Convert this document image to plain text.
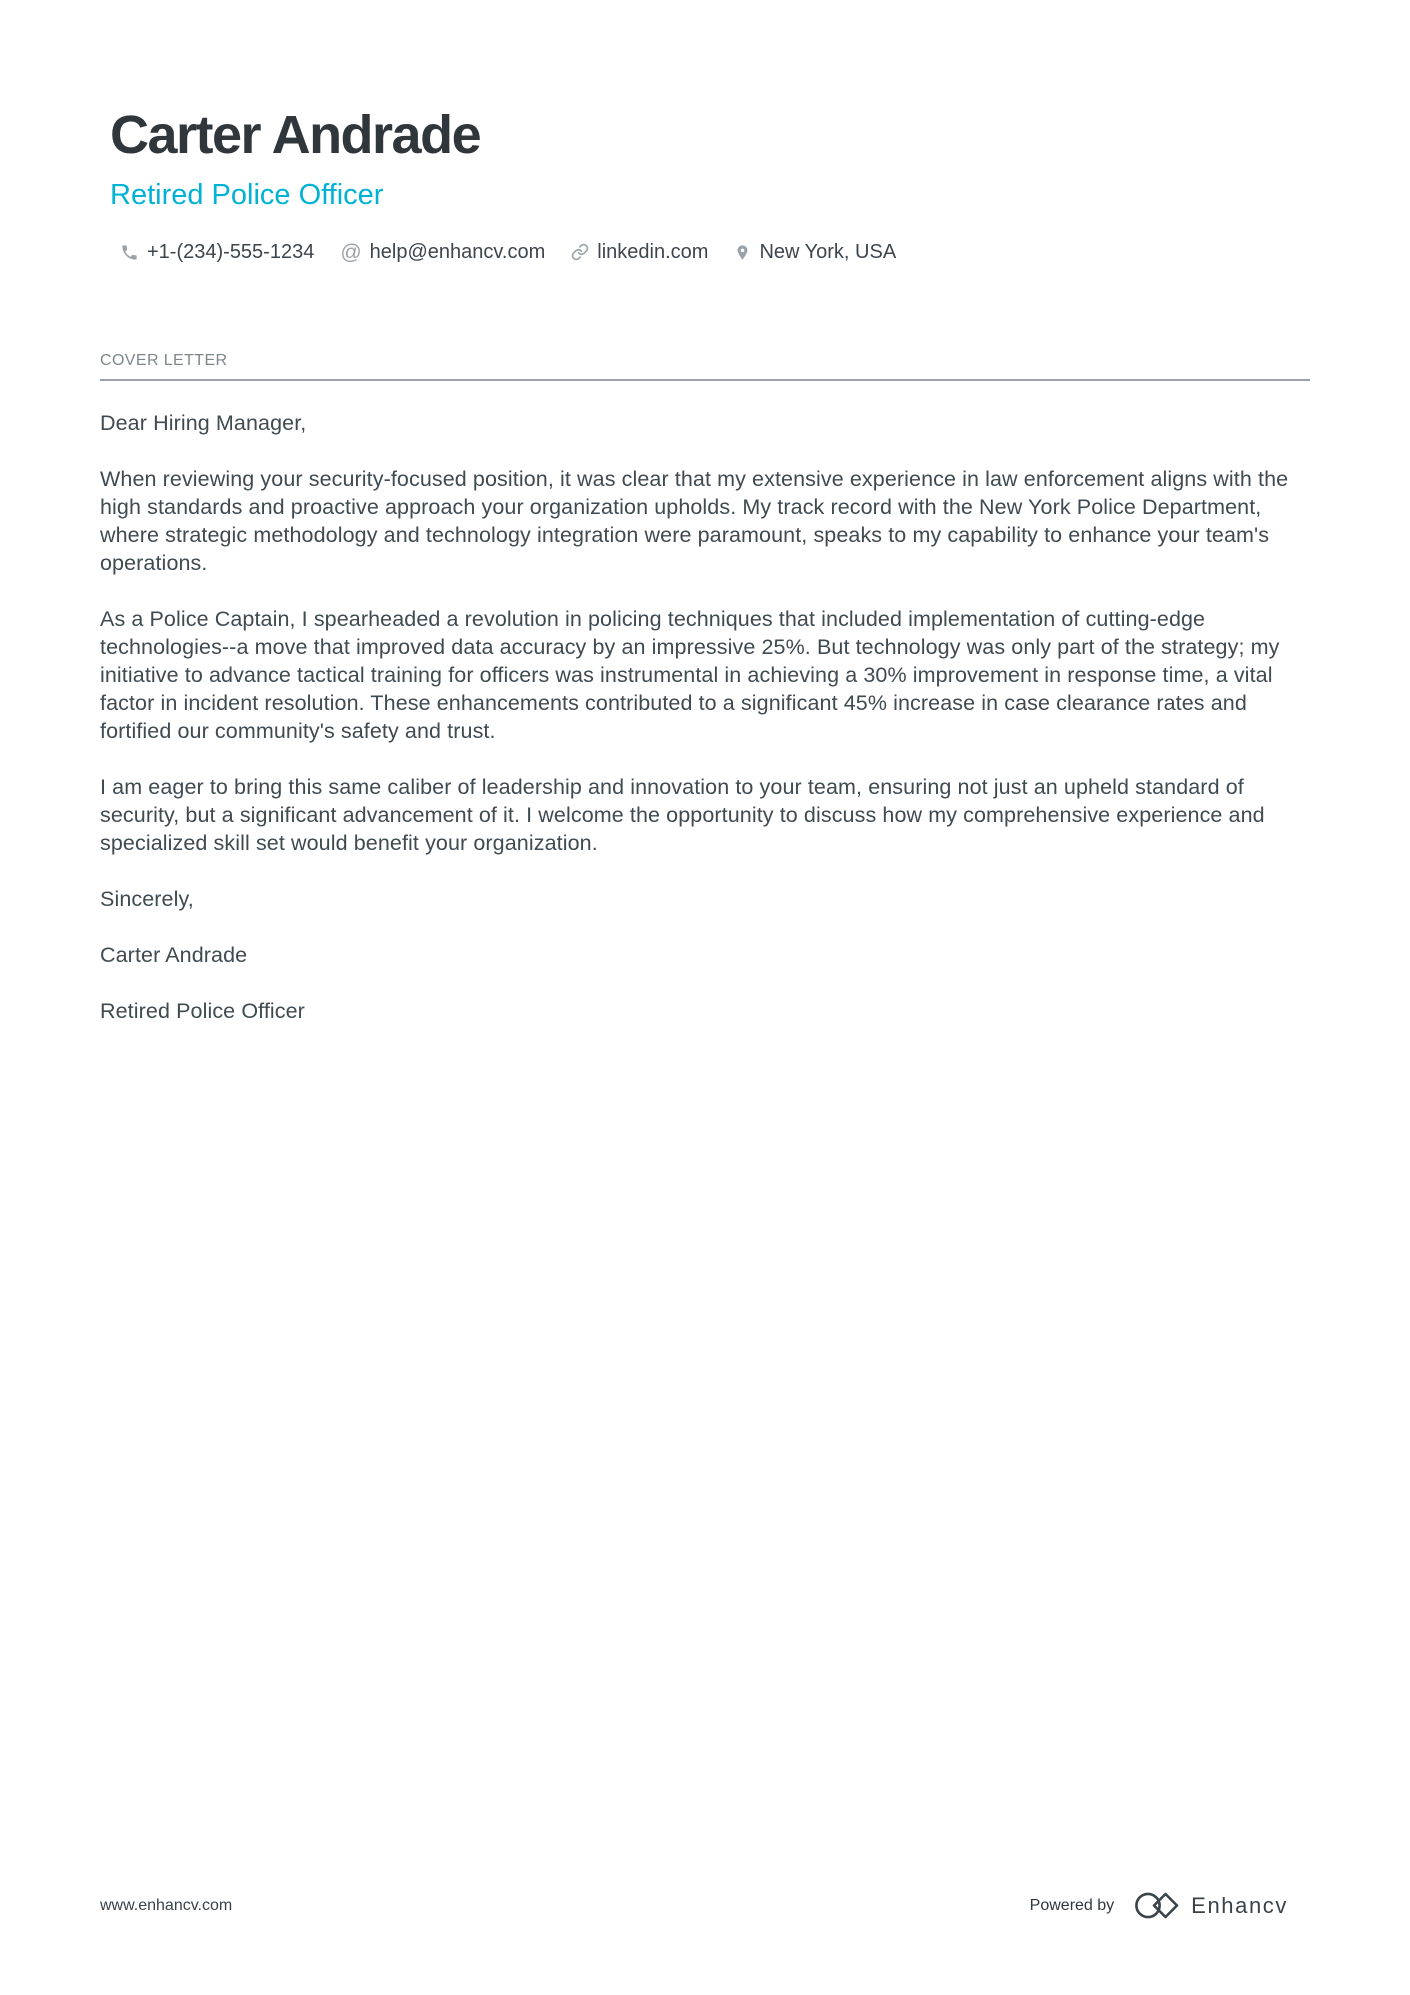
Carter Andrade
Retired Police Officer
+1-(234)-555-1234 @ help@enhancv.com	linkedin.com	New York, USA
COVER LETTER

Dear Hiring Manager,

When reviewing your security-focused position, it was clear that my extensive experience in law enforcement aligns with the high standards and proactive approach your organization upholds. My track record with the New York Police Department, where strategic methodology and technology integration were paramount, speaks to my capability to enhance your team's operations.

As a Police Captain, I spearheaded a revolution in policing techniques that included implementation of cutting-edge technologies--a move that improved data accuracy by an impressive 25%. But technology was only part of the strategy; my initiative to advance tactical training for officers was instrumental in achieving a 30% improvement in response time, a vital factor in incident resolution. These enhancements contributed to a significant 45% increase in case clearance rates and fortified our community's safety and trust.

I am eager to bring this same caliber of leadership and innovation to your team, ensuring not just an upheld standard of security, but a significant advancement of it. I welcome the opportunity to discuss how my comprehensive experience and specialized skill set would benefit your organization.

Sincerely,

Carter Andrade

Retired Police Officer

www.enhancv.com	Powered by	Enhancv
